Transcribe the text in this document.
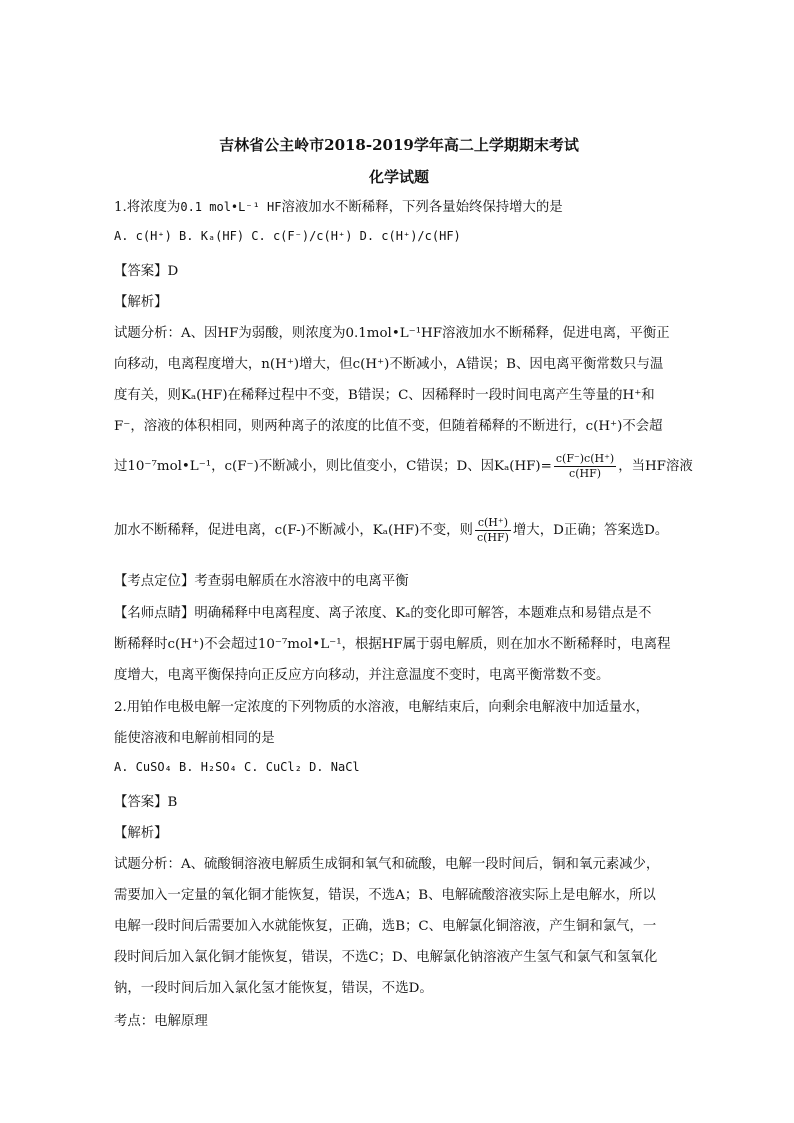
吉林省公主岭市2018-2019学年高二上学期期末考试
化学试题
1.将浓度为0.1 mol•L⁻¹ HF溶液加水不断稀释，下列各量始终保持增大的是
A. c(H⁺) B. Kₐ(HF) C. c(F⁻)/c(H⁺) D. c(H⁺)/c(HF)
【答案】D
【解析】
试题分析：A、因HF为弱酸，则浓度为0.1mol•L⁻¹HF溶液加水不断稀释，促进电离，平衡正
向移动，电离程度增大，n(H⁺)增大，但c(H⁺)不断减小，A错误；B、因电离平衡常数只与温
度有关，则Kₐ(HF)在稀释过程中不变，B错误；C、因稀释时一段时间电离产生等量的H⁺和
F⁻，溶液的体积相同，则两种离子的浓度的比值不变，但随着稀释的不断进行，c(H⁺)不会超
过10⁻⁷mol•L⁻¹，c(F⁻)不断减小，则比值变小，C错误；D、因$K_a(HF)= \frac{c(F^-)c(H^+)}{c(HF)}$ ，当HF溶液
加水不断稀释，促进电离，c(F-)不断减小，Kₐ(HF)不变，则 $\frac{c(H^+)}{c(HF)}$ 增大，D正确；答案选D。
【考点定位】考查弱电解质在水溶液中的电离平衡
【名师点睛】明确稀释中电离程度、离子浓度、Kₐ的变化即可解答，本题难点和易错点是不
断稀释时c(H⁺)不会超过10⁻⁷mol•L⁻¹，根据HF属于弱电解质，则在加水不断稀释时，电离程
度增大，电离平衡保持向正反应方向移动，并注意温度不变时，电离平衡常数不变。
2.用铂作电极电解一定浓度的下列物质的水溶液，电解结束后，向剩余电解液中加适量水，
能使溶液和电解前相同的是
A. CuSO₄ B. H₂SO₄ C. CuCl₂ D. NaCl
【答案】B
【解析】
试题分析：A、硫酸铜溶液电解质生成铜和氧气和硫酸，电解一段时间后，铜和氧元素减少，
需要加入一定量的氧化铜才能恢复，错误，不选A；B、电解硫酸溶液实际上是电解水，所以
电解一段时间后需要加入水就能恢复，正确，选B；C、电解氯化铜溶液，产生铜和氯气，一
段时间后加入氯化铜才能恢复，错误，不选C；D、电解氯化钠溶液产生氢气和氯气和氢氧化
钠，一段时间后加入氯化氢才能恢复，错误，不选D。
考点：电解原理
